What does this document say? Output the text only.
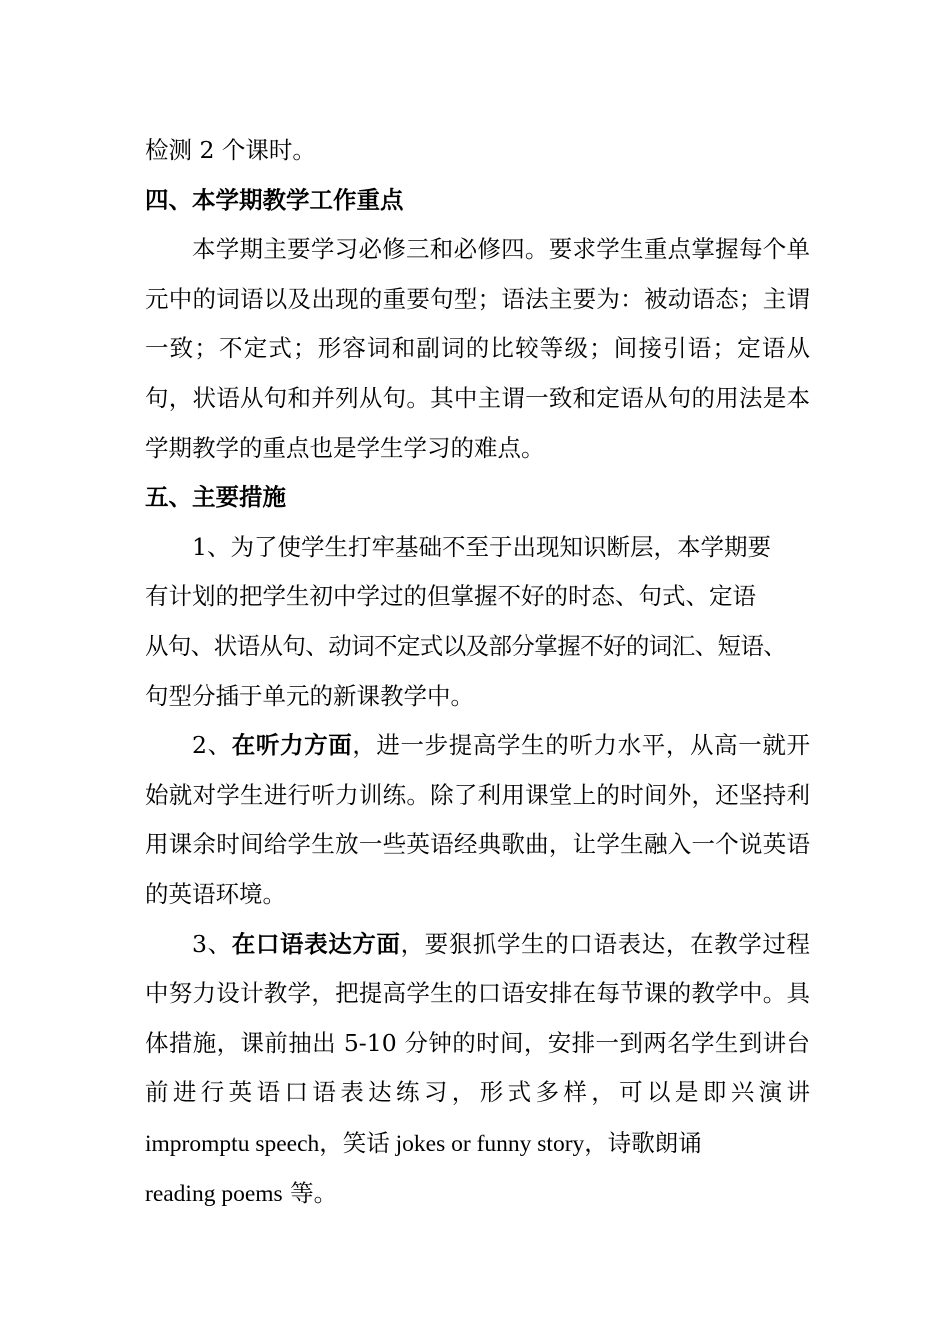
检测 2 个课时。

四、本学期教学工作重点

本学期主要学习必修三和必修四。要求学生重点掌握每个单元中的词语以及出现的重要句型；语法主要为：被动语态；主谓一致；不定式；形容词和副词的比较等级；间接引语；定语从句，状语从句和并列从句。其中主谓一致和定语从句的用法是本学期教学的重点也是学生学习的难点。

五、主要措施

1、为了使学生打牢基础不至于出现知识断层，本学期要
有计划的把学生初中学过的但掌握不好的时态、句式、定语
从句、状语从句、动词不定式以及部分掌握不好的词汇、短语、
句型分插于单元的新课教学中。

2、在听力方面，进一步提高学生的听力水平，从高一就开始就对学生进行听力训练。除了利用课堂上的时间外，还坚持利用课余时间给学生放一些英语经典歌曲，让学生融入一个说英语的英语环境。

3、在口语表达方面，要狠抓学生的口语表达，在教学过程中努力设计教学，把提高学生的口语安排在每节课的教学中。具体措施，课前抽出 5-10 分钟的时间，安排一到两名学生到讲台前进行英语口语表达练习，形式多样，可以是即兴演讲 impromptu speech，笑话 jokes or funny story，诗歌朗诵
reading poems 等。
